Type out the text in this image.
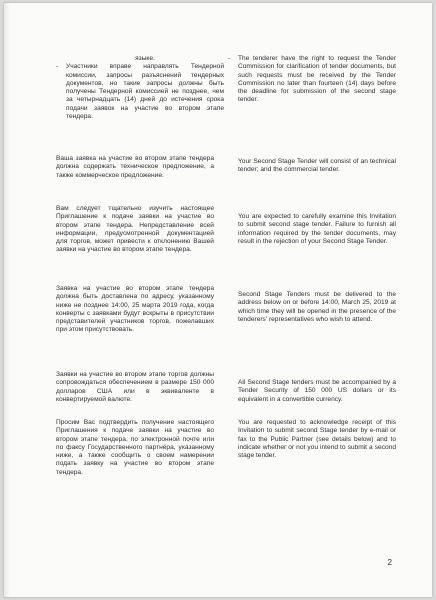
языке.
- Участники вправе направлять Тендерной комиссии, запросы разъяснений тендерных документов, но такие запросы должны быть получены Тендерной комиссией не позднее, чем за четырнадцать (14) дней до истечения срока подачи заявок на участие во втором этапе тендера.
- The tenderer have the right to request the Tender Commission for clarification of tender documents, but such requests must be received by the Tender Commission no later than fourteen (14) days before the deadline for submission of the second stage tender.
Ваша заявка на участие во втором этапе тендера должна содержать техническое предложение, а также коммерческое предложение.
Your Second Stage Tender will consist of an technical tender; and the commercial tender.
Вам следует тщательно изучить настоящее Приглашение к подаче заявки на участие во втором этапе тендера. Непредставление всей информации, предусмотренной документацией для торгов, может привести к отклонению Вашей заявки на участие во втором этапе тендера.
You are expected to carefully examine this Invitation to submit second stage tender. Failure to furnish all information required by the tender documents, may result in the rejection of your Second Stage Tender.
Заявка на участие во втором этапе тендера должна быть доставлена по адресу, указанному ниже не позднее 14:00, 25 марта 2019 года, когда конверты с заявками будут вскрыты в присутствии представителей участников торгов, пожелавших при этом присутствовать.
Second Stage Tenders must be delivered to the address below on or before 14:00, March 25, 2019 at which time they will be opened in the presence of the tenderers' representatives who wish to attend.
Заявки на участие во втором этапе торгов должны сопровождаться обеспечением в размере 150 000 долларов США или в эквиваленте в конвертируемой валюте.
All Second Stage tenders must be accompanied by a Tender Security of 150 000 US dollars or its equivalent in a convertible currency.
Просим Вас подтвердить получение настоящего Приглашения к подаче заявки на участие во втором этапе тендера, по электронной почте или по факсу Государственного партнёра, указанному ниже, а также сообщить о своем намерении подать заявку на участие во втором этапе тендера.
You are requested to acknowledge receipt of this Invitation to submit second Stage tender by e-mail or fax to the Public Partner (see details below) and to indicate whether or not you intend to submit a second stage tender.
2
